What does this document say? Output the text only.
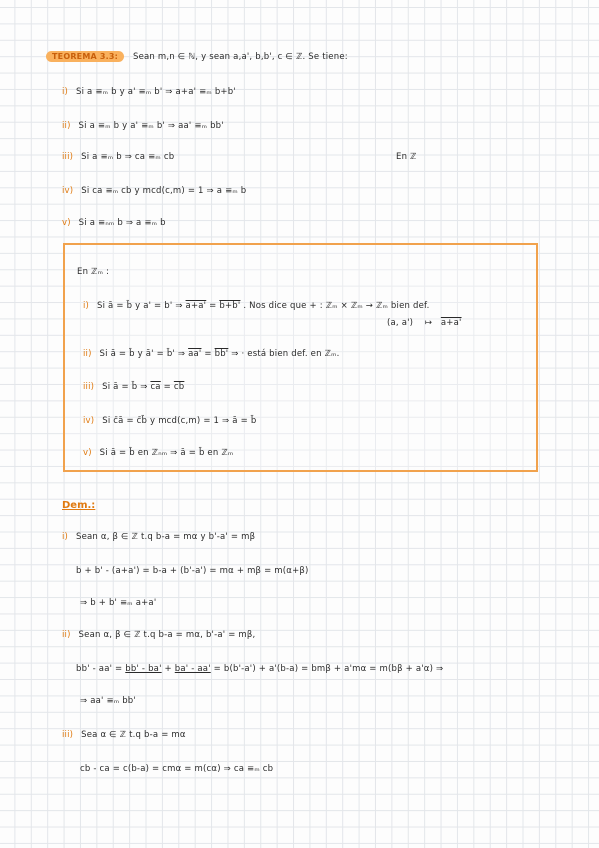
TEOREMA 3.3: Sean m,n ∈ ℕ, y sean a,a', b,b', c ∈ ℤ. Se tiene:
i) Si a ≡ₘ b y a' ≡ₘ b' ⇒ a+a' ≡ₘ b+b'
ii) Si a ≡ₘ b y a' ≡ₘ b' ⇒ aa' ≡ₘ bb'
iii) Si a ≡ₘ b ⇒ ca ≡ₘ cb	En ℤ
iv) Si ca ≡ₘ cb y mcd(c,m) = 1 ⇒ a ≡ₘ b
v) Si a ≡ₙₘ b ⇒ a ≡ₘ b
En ℤₘ :
i) Si ā = b̄ y a' = b' ⇒ a+a' = b+b' . Nos dice que + : ℤₘ × ℤₘ → ℤₘ bien def.
(a, a') ↦ a+a'
ii) Si ā = b̄ y ā' = b̄' ⇒ aa' = bb' ⇒ · está bien def. en ℤₘ.
iii) Si ā = b̄ ⇒ $\overline{ca} = \overline{cb}$
iv) Si c̄ā = c̄b̄ y mcd(c,m) = 1 ⇒ ā = b̄
v) Si ā = b̄ en ℤₙₘ ⇒ ā = b̄ en ℤₘ
Dem.:
i) Sean α, β ∈ ℤ t.q b-a = mα y b'-a' = mβ
b + b' - (a+a') = b-a + (b'-a') = mα + mβ = m(α+β)
⇒ b + b' ≡ₘ a+a'
ii) Sean α, β ∈ ℤ t.q b-a = mα, b'-a' = mβ,
bb' - aa' = bb' - ba' + ba' - aa' = b(b'-a') + a'(b-a) = bmβ + a'mα = m(bβ + a'α) ⇒
⇒ aa' ≡ₘ bb'
iii) Sea α ∈ ℤ t.q b-a = mα
cb - ca = c(b-a) = cmα = m(cα) ⇒ ca ≡ₘ cb
